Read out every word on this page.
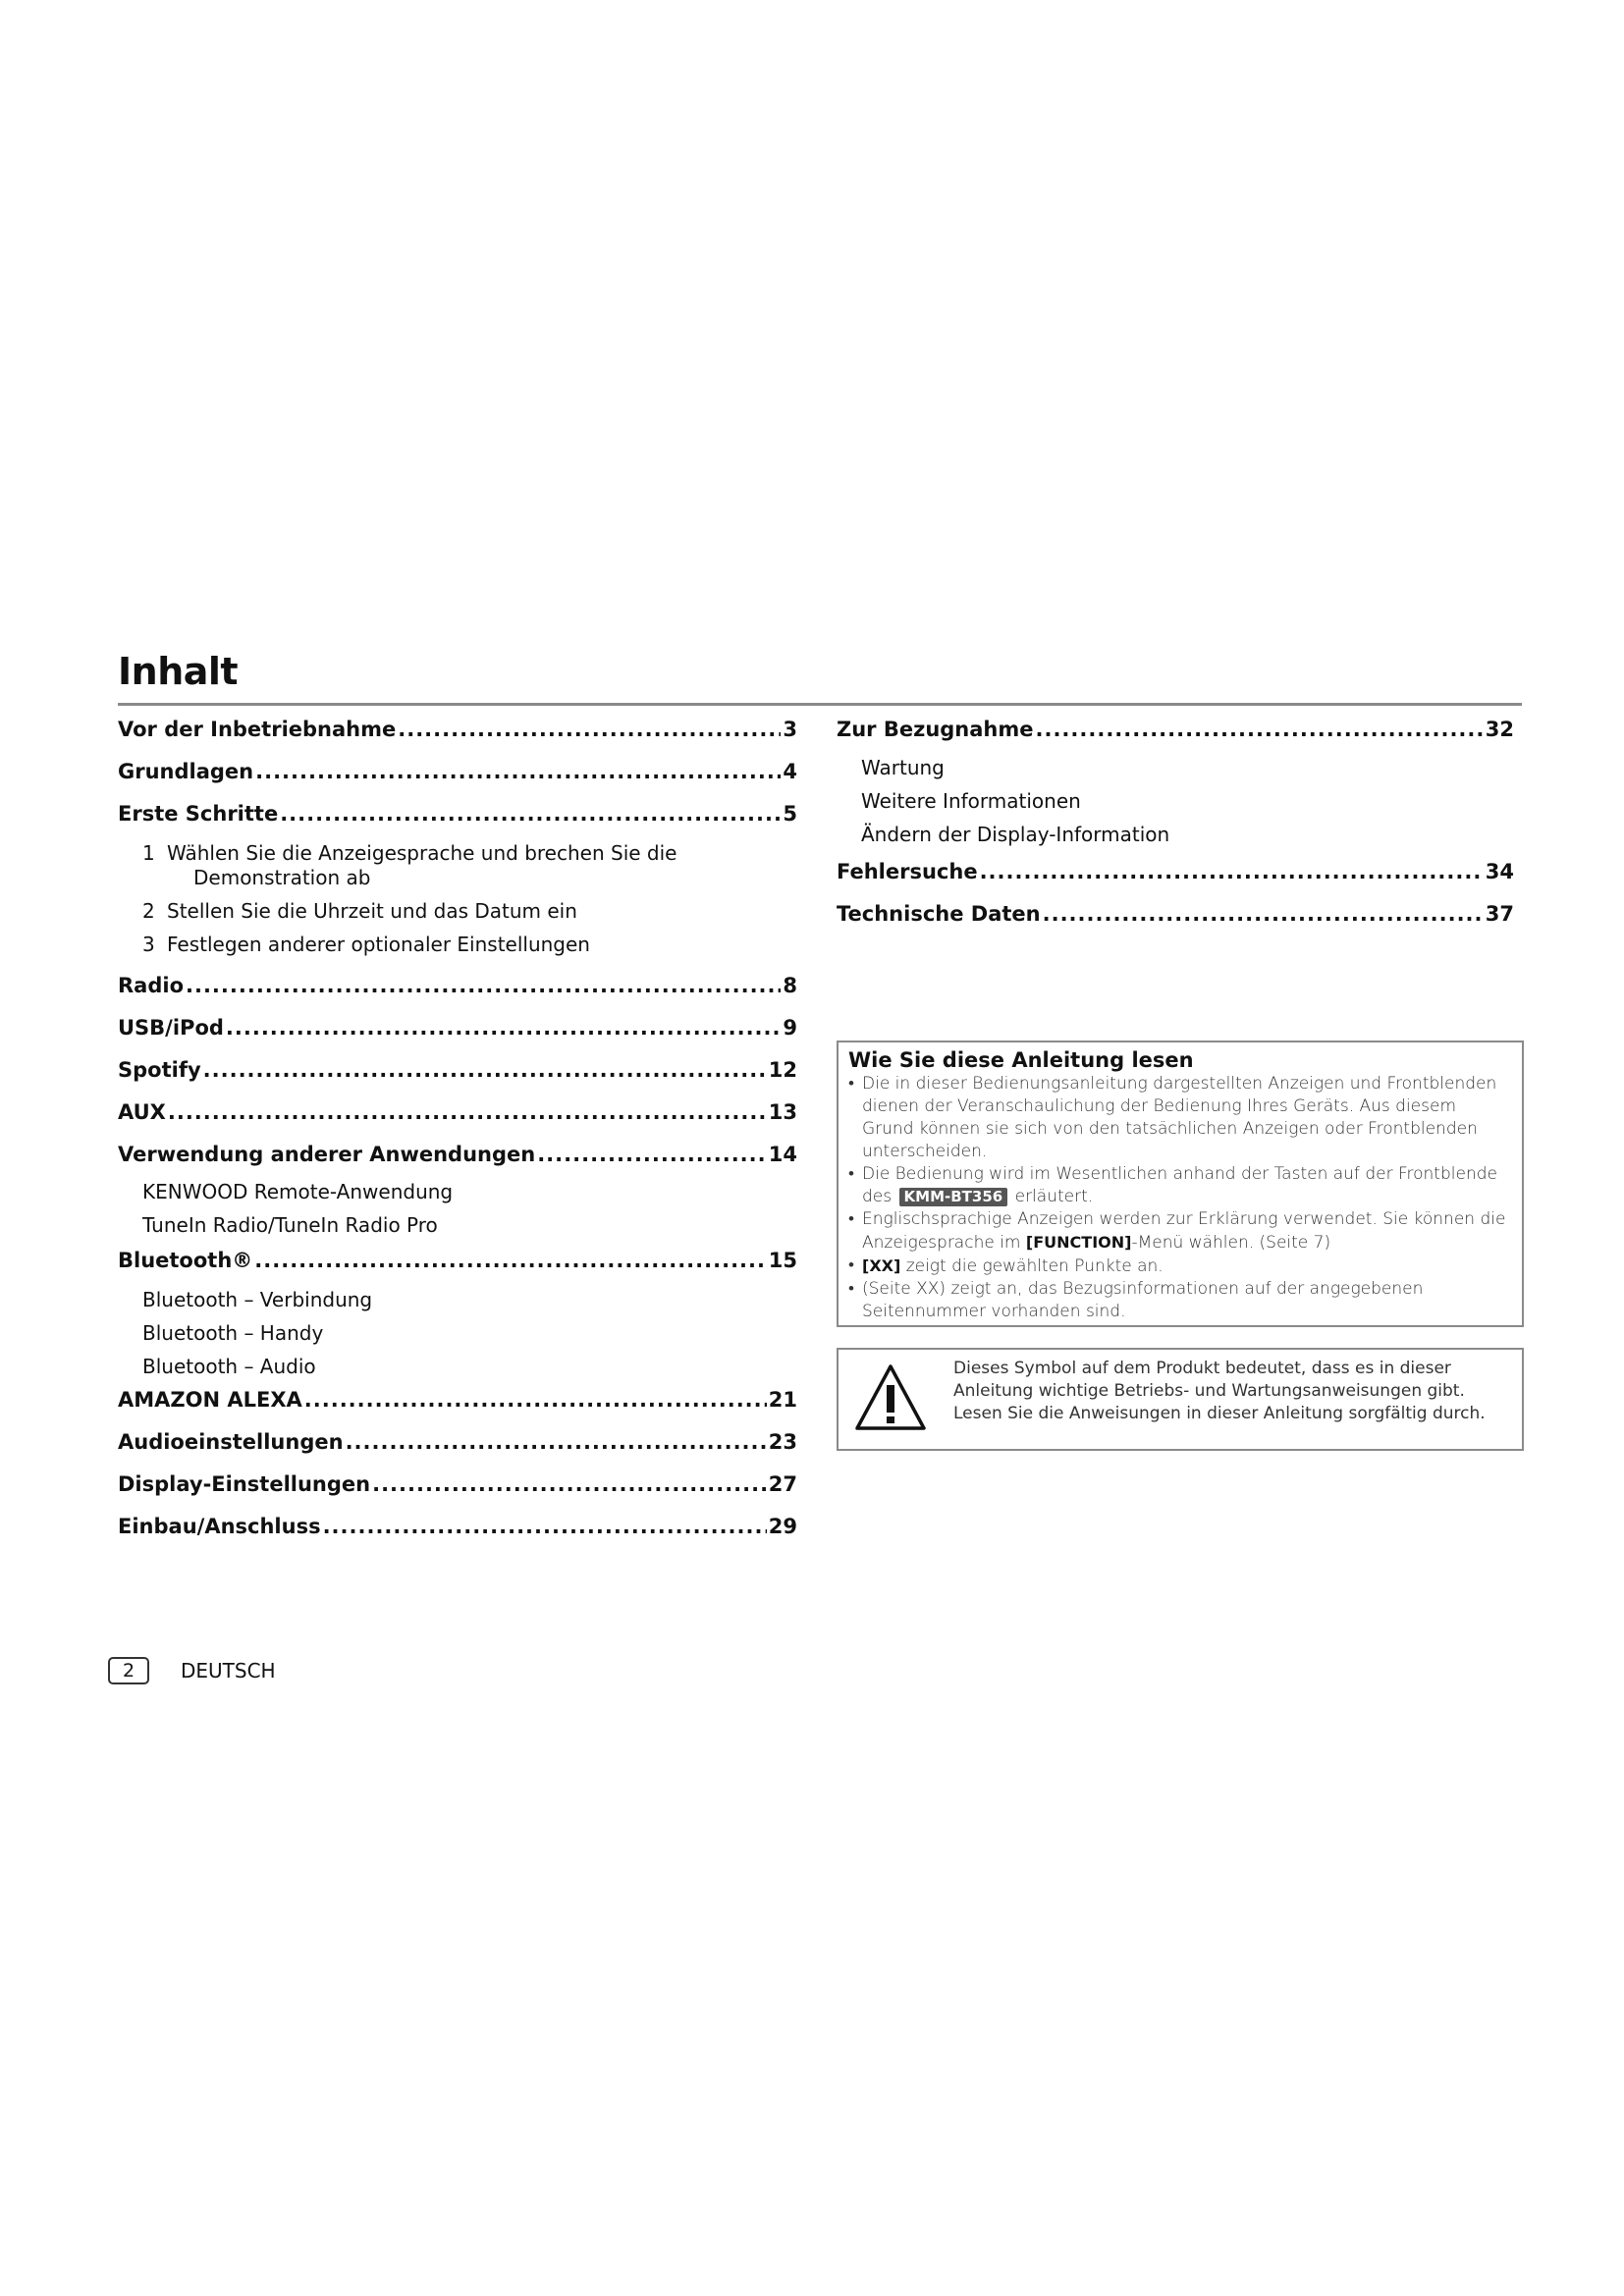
Inhalt
Vor der Inbetriebnahme .....	3
Grundlagen .....	4
Erste Schritte .....	5
1 Wählen Sie die Anzeigesprache und brechen Sie die
Demonstration ab
2 Stellen Sie die Uhrzeit und das Datum ein
3 Festlegen anderer optionaler Einstellungen
Radio .....	8
USB/iPod .....	9
Spotify .....	12
AUX .....	13
Verwendung anderer Anwendungen .....	14
KENWOOD Remote-Anwendung
TuneIn Radio/TuneIn Radio Pro
Bluetooth® .....	15
Bluetooth – Verbindung
Bluetooth – Handy
Bluetooth – Audio
AMAZON ALEXA .....	21
Audioeinstellungen .....	23
Display-Einstellungen .....	27
Einbau/Anschluss .....	29
Zur Bezugnahme .....	32
Wartung
Weitere Informationen
Ändern der Display-Information
Fehlersuche .....	34
Technische Daten .....	37
Wie Sie diese Anleitung lesen
• Die in dieser Bedienungsanleitung dargestellten Anzeigen und Frontblenden dienen der Veranschaulichung der Bedienung Ihres Geräts. Aus diesem Grund können sie sich von den tatsächlichen Anzeigen oder Frontblenden unterscheiden.
• Die Bedienung wird im Wesentlichen anhand der Tasten auf der Frontblende des KMM-BT356 erläutert.
• Englischsprachige Anzeigen werden zur Erklärung verwendet. Sie können die Anzeigesprache im [FUNCTION]-Menü wählen. (Seite 7)
• [XX] zeigt die gewählten Punkte an.
• (Seite XX) zeigt an, das Bezugsinformationen auf der angegebenen Seitennummer vorhanden sind.
Dieses Symbol auf dem Produkt bedeutet, dass es in dieser Anleitung wichtige Betriebs- und Wartungsanweisungen gibt. Lesen Sie die Anweisungen in dieser Anleitung sorgfältig durch.
2	DEUTSCH
